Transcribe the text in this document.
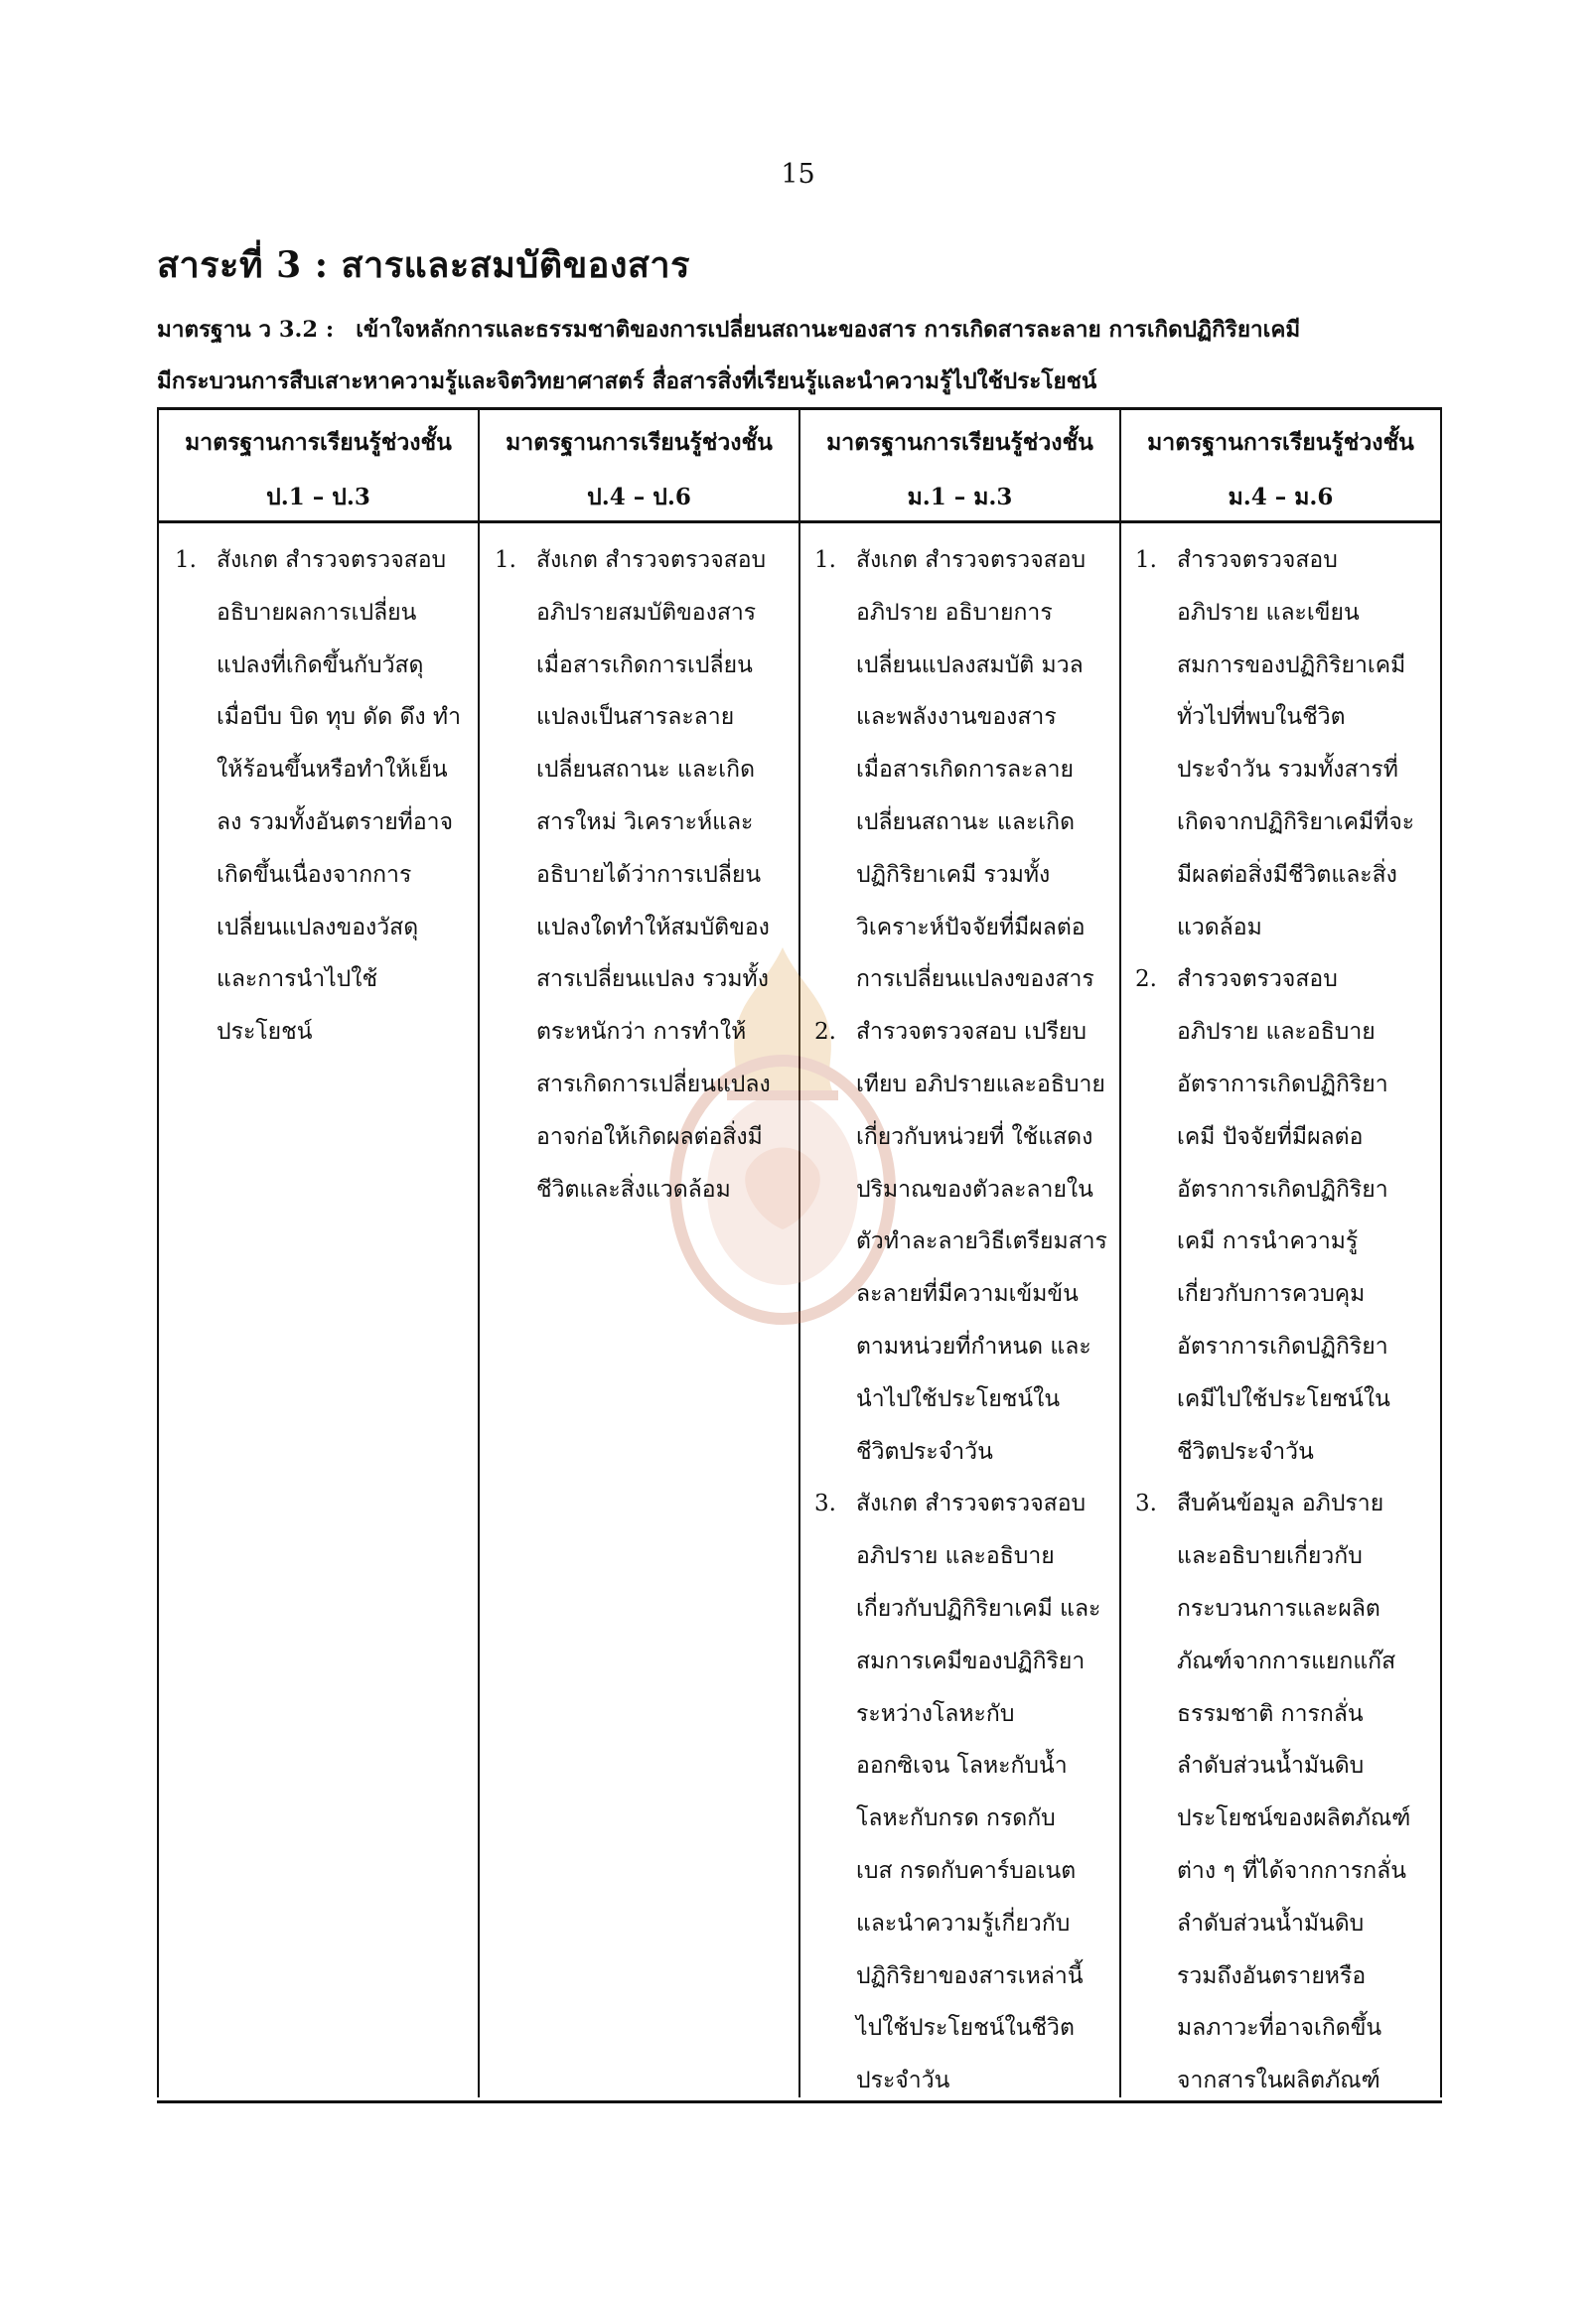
15
สาระที่ 3 : สารและสมบัติของสาร
มาตรฐาน ว 3.2 : เข้าใจหลักการและธรรมชาติของการเปลี่ยนสถานะของสาร การเกิดสารละลาย การเกิดปฏิกิริยาเคมี
มีกระบวนการสืบเสาะหาความรู้และจิตวิทยาศาสตร์ สื่อสารสิ่งที่เรียนรู้และนำความรู้ไปใช้ประโยชน์
มาตรฐานการเรียนรู้ช่วงชั้น
ป.1 – ป.3
มาตรฐานการเรียนรู้ช่วงชั้น
ป.4 – ป.6
มาตรฐานการเรียนรู้ช่วงชั้น
ม.1 – ม.3
มาตรฐานการเรียนรู้ช่วงชั้น
ม.4 – ม.6
1. สังเกต สำรวจตรวจสอบ
อธิบายผลการเปลี่ยน
แปลงที่เกิดขึ้นกับวัสดุ
เมื่อบีบ บิด ทุบ ดัด ดึง ทำ
ให้ร้อนขึ้นหรือทำให้เย็น
ลง รวมทั้งอันตรายที่อาจ
เกิดขึ้นเนื่องจากการ
เปลี่ยนแปลงของวัสดุ
และการนำไปใช้
ประโยชน์
1. สังเกต สำรวจตรวจสอบ
อภิปรายสมบัติของสาร
เมื่อสารเกิดการเปลี่ยน
แปลงเป็นสารละลาย
เปลี่ยนสถานะ และเกิด
สารใหม่ วิเคราะห์และ
อธิบายได้ว่าการเปลี่ยน
แปลงใดทำให้สมบัติของ
สารเปลี่ยนแปลง รวมทั้ง
ตระหนักว่า การทำให้
สารเกิดการเปลี่ยนแปลง
อาจก่อให้เกิดผลต่อสิ่งมี
ชีวิตและสิ่งแวดล้อม
1. สังเกต สำรวจตรวจสอบ
อภิปราย อธิบายการ
เปลี่ยนแปลงสมบัติ มวล
และพลังงานของสาร
เมื่อสารเกิดการละลาย
เปลี่ยนสถานะ และเกิด
ปฏิกิริยาเคมี รวมทั้ง
วิเคราะห์ปัจจัยที่มีผลต่อ
การเปลี่ยนแปลงของสาร
2. สำรวจตรวจสอบ เปรียบ
เทียบ อภิปรายและอธิบาย
เกี่ยวกับหน่วยที่ ใช้แสดง
ปริมาณของตัวละลายใน
ตัวทำละลายวิธีเตรียมสาร
ละลายที่มีความเข้มข้น
ตามหน่วยที่กำหนด และ
นำไปใช้ประโยชน์ใน
ชีวิตประจำวัน
3. สังเกต สำรวจตรวจสอบ
อภิปราย และอธิบาย
เกี่ยวกับปฏิกิริยาเคมี และ
สมการเคมีของปฏิกิริยา
ระหว่างโลหะกับ
ออกซิเจน โลหะกับน้ำ
โลหะกับกรด กรดกับ
เบส กรดกับคาร์บอเนต
และนำความรู้เกี่ยวกับ
ปฏิกิริยาของสารเหล่านี้
ไปใช้ประโยชน์ในชีวิต
ประจำวัน
1. สำรวจตรวจสอบ
อภิปราย และเขียน
สมการของปฏิกิริยาเคมี
ทั่วไปที่พบในชีวิต
ประจำวัน รวมทั้งสารที่
เกิดจากปฏิกิริยาเคมีที่จะ
มีผลต่อสิ่งมีชีวิตและสิ่ง
แวดล้อม
2. สำรวจตรวจสอบ
อภิปราย และอธิบาย
อัตราการเกิดปฏิกิริยา
เคมี ปัจจัยที่มีผลต่อ
อัตราการเกิดปฏิกิริยา
เคมี การนำความรู้
เกี่ยวกับการควบคุม
อัตราการเกิดปฏิกิริยา
เคมีไปใช้ประโยชน์ใน
ชีวิตประจำวัน
3. สืบค้นข้อมูล อภิปราย
และอธิบายเกี่ยวกับ
กระบวนการและผลิต
ภัณฑ์จากการแยกแก๊ส
ธรรมชาติ การกลั่น
ลำดับส่วนน้ำมันดิบ
ประโยชน์ของผลิตภัณฑ์
ต่าง ๆ ที่ได้จากการกลั่น
ลำดับส่วนน้ำมันดิบ
รวมถึงอันตรายหรือ
มลภาวะที่อาจเกิดขึ้น
จากสารในผลิตภัณฑ์
